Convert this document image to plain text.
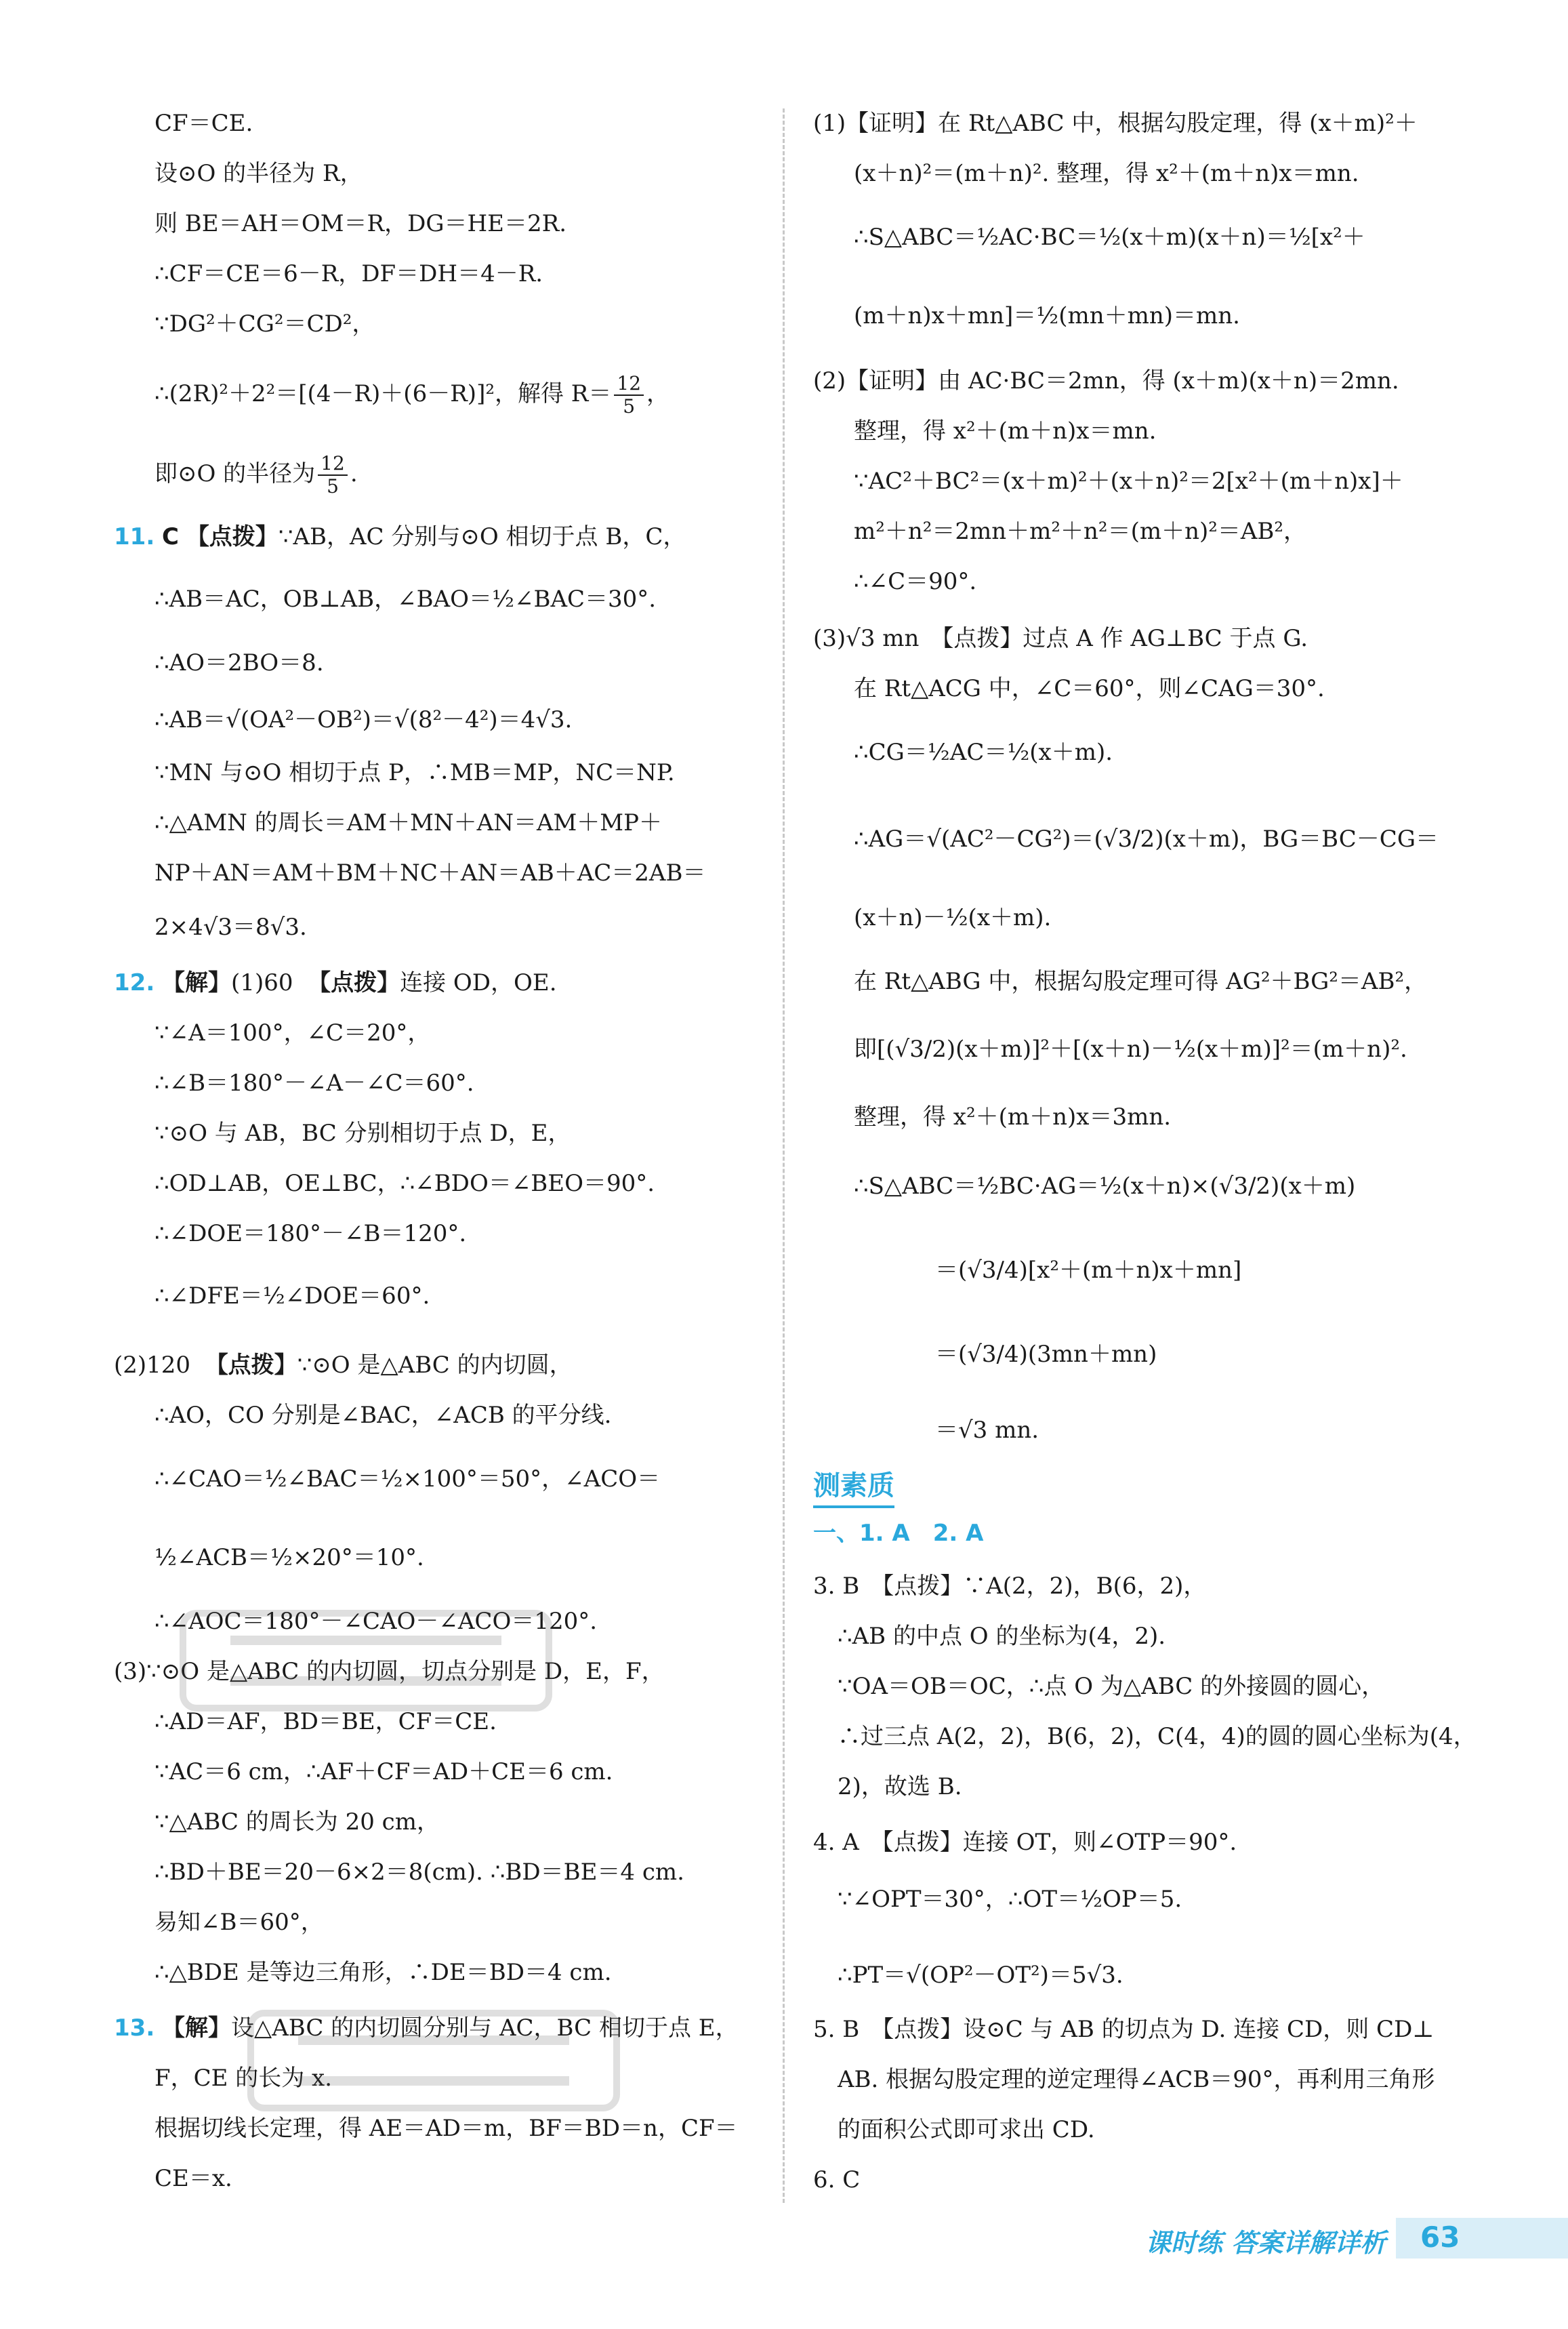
CF＝CE.
设⊙O 的半径为 R，
则 BE＝AH＝OM＝R，DG＝HE＝2R.
∴CF＝CE＝6－R，DF＝DH＝4－R.
∵DG²＋CG²＝CD²，
∴(2R)²＋2²＝[(4－R)＋(6－R)]²，解得 $R= \frac{12}{5}$ ，
即⊙O 的半径为 $\frac{12}{5}$ .
11. C 【点拨】∵AB，AC 分别与⊙O 相切于点 B，C，
∴AB＝AC，OB⊥AB，∠BAO＝½∠BAC＝30°.
∴AO＝2BO＝8.
∴AB＝√(OA²－OB²)＝√(8²－4²)＝4√3.
∵MN 与⊙O 相切于点 P，∴MB＝MP，NC＝NP.
∴△AMN 的周长＝AM＋MN＋AN＝AM＋MP＋
NP＋AN＝AM＋BM＋NC＋AN＝AB＋AC＝2AB＝
2×4√3＝8√3.
12. 【解】(1)60 【点拨】连接 OD，OE.
∵∠A＝100°，∠C＝20°，
∴∠B＝180°－∠A－∠C＝60°.
∵⊙O 与 AB，BC 分别相切于点 D，E，
∴OD⊥AB，OE⊥BC，∴∠BDO＝∠BEO＝90°.
∴∠DOE＝180°－∠B＝120°.
∴∠DFE＝½∠DOE＝60°.
(2)120 【点拨】∵⊙O 是△ABC 的内切圆，
∴AO，CO 分别是∠BAC，∠ACB 的平分线.
∴∠CAO＝½∠BAC＝½×100°＝50°，∠ACO＝
½∠ACB＝½×20°＝10°.
∴∠AOC＝180°－∠CAO－∠ACO＝120°.
(3)∵⊙O 是△ABC 的内切圆，切点分别是 D，E，F，
∴AD＝AF，BD＝BE，CF＝CE.
∵AC＝6 cm，∴AF＋CF＝AD＋CE＝6 cm.
∵△ABC 的周长为 20 cm，
∴BD＋BE＝20－6×2＝8(cm). ∴BD＝BE＝4 cm.
易知∠B＝60°，
∴△BDE 是等边三角形，∴DE＝BD＝4 cm.
13. 【解】设△ABC 的内切圆分别与 AC，BC 相切于点 E，
F，CE 的长为 x.
根据切线长定理，得 AE＝AD＝m，BF＝BD＝n，CF＝
CE＝x.
(1)【证明】在 Rt△ABC 中，根据勾股定理，得 (x＋m)²＋
(x＋n)²＝(m＋n)². 整理，得 x²＋(m＋n)x＝mn.
∴S△ABC＝½AC·BC＝½(x＋m)(x＋n)＝½[x²＋
(m＋n)x＋mn]＝½(mn＋mn)＝mn.
(2)【证明】由 AC·BC＝2mn，得 (x＋m)(x＋n)＝2mn.
整理，得 x²＋(m＋n)x＝mn.
∵AC²＋BC²＝(x＋m)²＋(x＋n)²＝2[x²＋(m＋n)x]＋
m²＋n²＝2mn＋m²＋n²＝(m＋n)²＝AB²，
∴∠C＝90°.
(3)√3 mn　【点拨】过点 A 作 AG⊥BC 于点 G.
在 Rt△ACG 中，∠C＝60°，则∠CAG＝30°.
∴CG＝½AC＝½(x＋m).
∴AG＝√(AC²－CG²)＝(√3/2)(x＋m)，BG＝BC－CG＝
(x＋n)－½(x＋m).
在 Rt△ABG 中，根据勾股定理可得 AG²＋BG²＝AB²，
即[(√3/2)(x＋m)]²＋[(x＋n)－½(x＋m)]²＝(m＋n)².
整理，得 x²＋(m＋n)x＝3mn.
∴S△ABC＝½BC·AG＝½(x＋n)×(√3/2)(x＋m)
＝(√3/4)[x²＋(m＋n)x＋mn]
＝(√3/4)(3mn＋mn)
＝√3 mn.
测素质
一、1. A　2. A
3. B　【点拨】∵A(2，2)，B(6，2)，
∴AB 的中点 O 的坐标为(4，2).
∵OA＝OB＝OC，∴点 O 为△ABC 的外接圆的圆心，
∴过三点 A(2，2)，B(6，2)，C(4，4)的圆的圆心坐标为(4，
2)，故选 B.
4. A　【点拨】连接 OT，则∠OTP＝90°.
∵∠OPT＝30°，∴OT＝½OP＝5.
∴PT＝√(OP²－OT²)＝5√3.
5. B　【点拨】设⊙C 与 AB 的切点为 D. 连接 CD，则 CD⊥
AB. 根据勾股定理的逆定理得∠ACB＝90°，再利用三角形
的面积公式即可求出 CD.
6. C
课时练 答案详解详析 63
